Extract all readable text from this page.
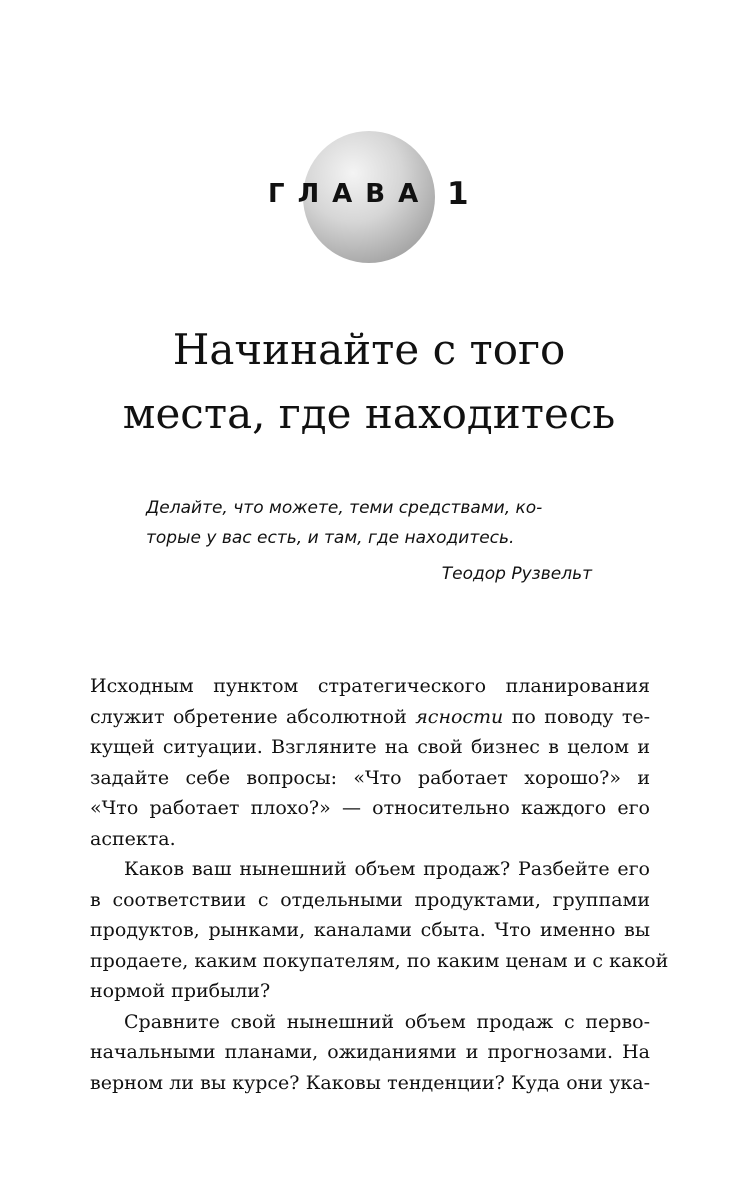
ГЛАВА 1
Начинайте с того
места, где находитесь
Делайте, что можете, теми средствами, ко-
торые у вас есть, и там, где находитесь.
Теодор Рузвельт
Исходным пунктом стратегического планирования
служит обретение абсолютной ясности по поводу те-
кущей ситуации. Взгляните на свой бизнес в целом и
задайте себе вопросы: «Что работает хорошо?» и
«Что работает плохо?» — относительно каждого его
аспекта.
Каков ваш нынешний объем продаж? Разбейте его
в соответствии с отдельными продуктами, группами
продуктов, рынками, каналами сбыта. Что именно вы
продаете, каким покупателям, по каким ценам и с какой
нормой прибыли?
Сравните свой нынешний объем продаж с перво-
начальными планами, ожиданиями и прогнозами. На
верном ли вы курсе? Каковы тенденции? Куда они ука-
